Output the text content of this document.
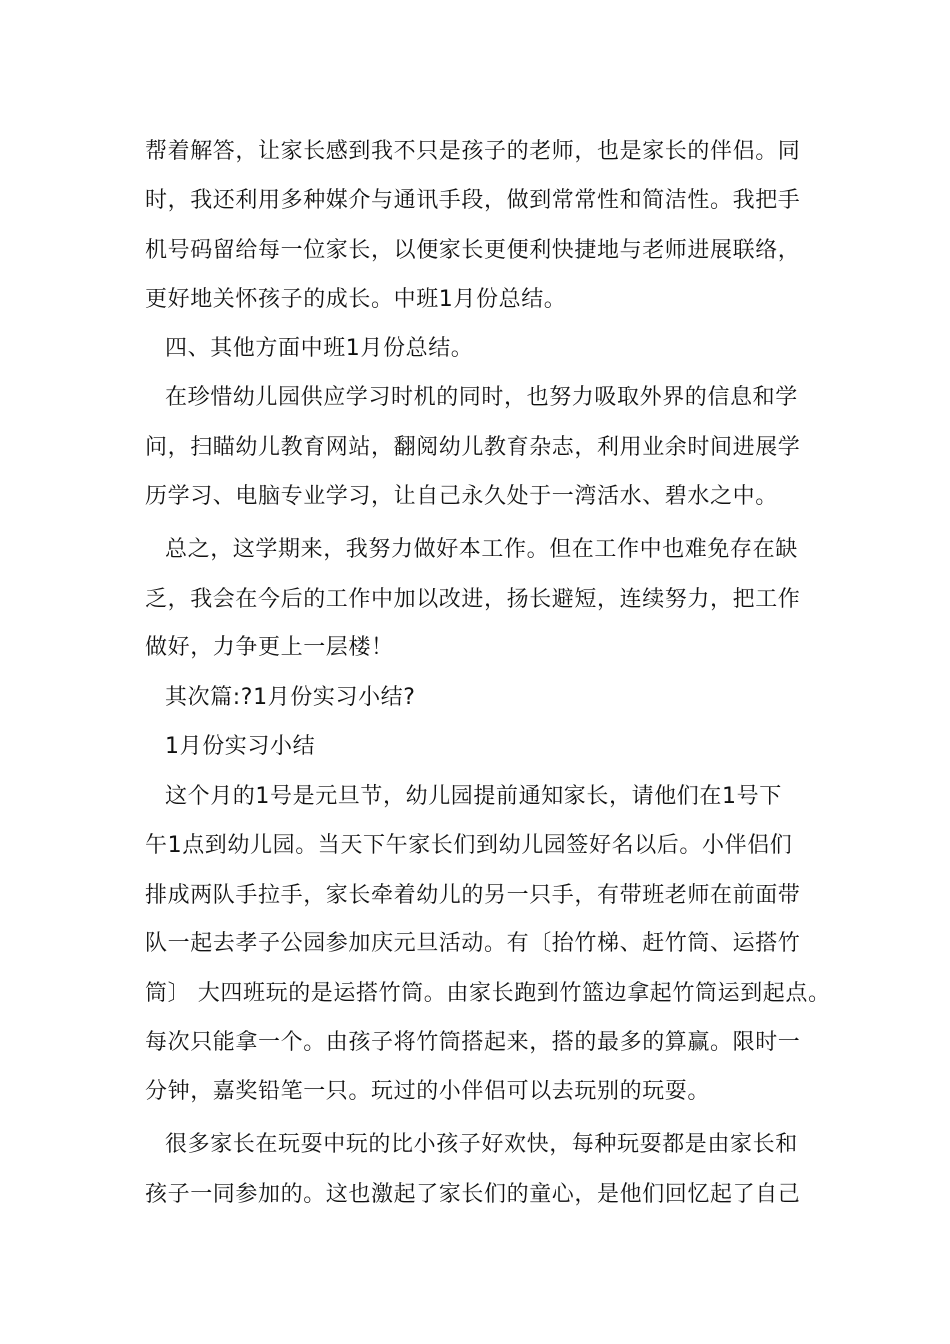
帮着解答，让家长感到我不只是孩子的老师，也是家长的伴侣。同
时，我还利用多种媒介与通讯手段，做到常常性和简洁性。我把手
机号码留给每一位家长，以便家长更便利快捷地与老师进展联络，
更好地关怀孩子的成长。中班1月份总结。
四、其他方面中班1月份总结。
在珍惜幼儿园供应学习时机的同时，也努力吸取外界的信息和学
问，扫瞄幼儿教育网站，翻阅幼儿教育杂志，利用业余时间进展学
历学习、电脑专业学习，让自己永久处于一湾活水、碧水之中。
总之，这学期来，我努力做好本工作。但在工作中也难免存在缺
乏，我会在今后的工作中加以改进，扬长避短，连续努力，把工作
做好，力争更上一层楼！
其次篇:?1月份实习小结?
1月份实习小结
这个月的1号是元旦节，幼儿园提前通知家长，请他们在1号下
午1点到幼儿园。当天下午家长们到幼儿园签好名以后。小伴侣们
排成两队手拉手，家长牵着幼儿的另一只手，有带班老师在前面带
队一起去孝子公园参加庆元旦活动。有〔抬竹梯、赶竹筒、运搭竹
筒〕 大四班玩的是运搭竹筒。由家长跑到竹篮边拿起竹筒运到起点。
每次只能拿一个。由孩子将竹筒搭起来，搭的最多的算赢。限时一
分钟，嘉奖铅笔一只。玩过的小伴侣可以去玩别的玩耍。
很多家长在玩耍中玩的比小孩子好欢快，每种玩耍都是由家长和
孩子一同参加的。这也激起了家长们的童心，是他们回忆起了自己
